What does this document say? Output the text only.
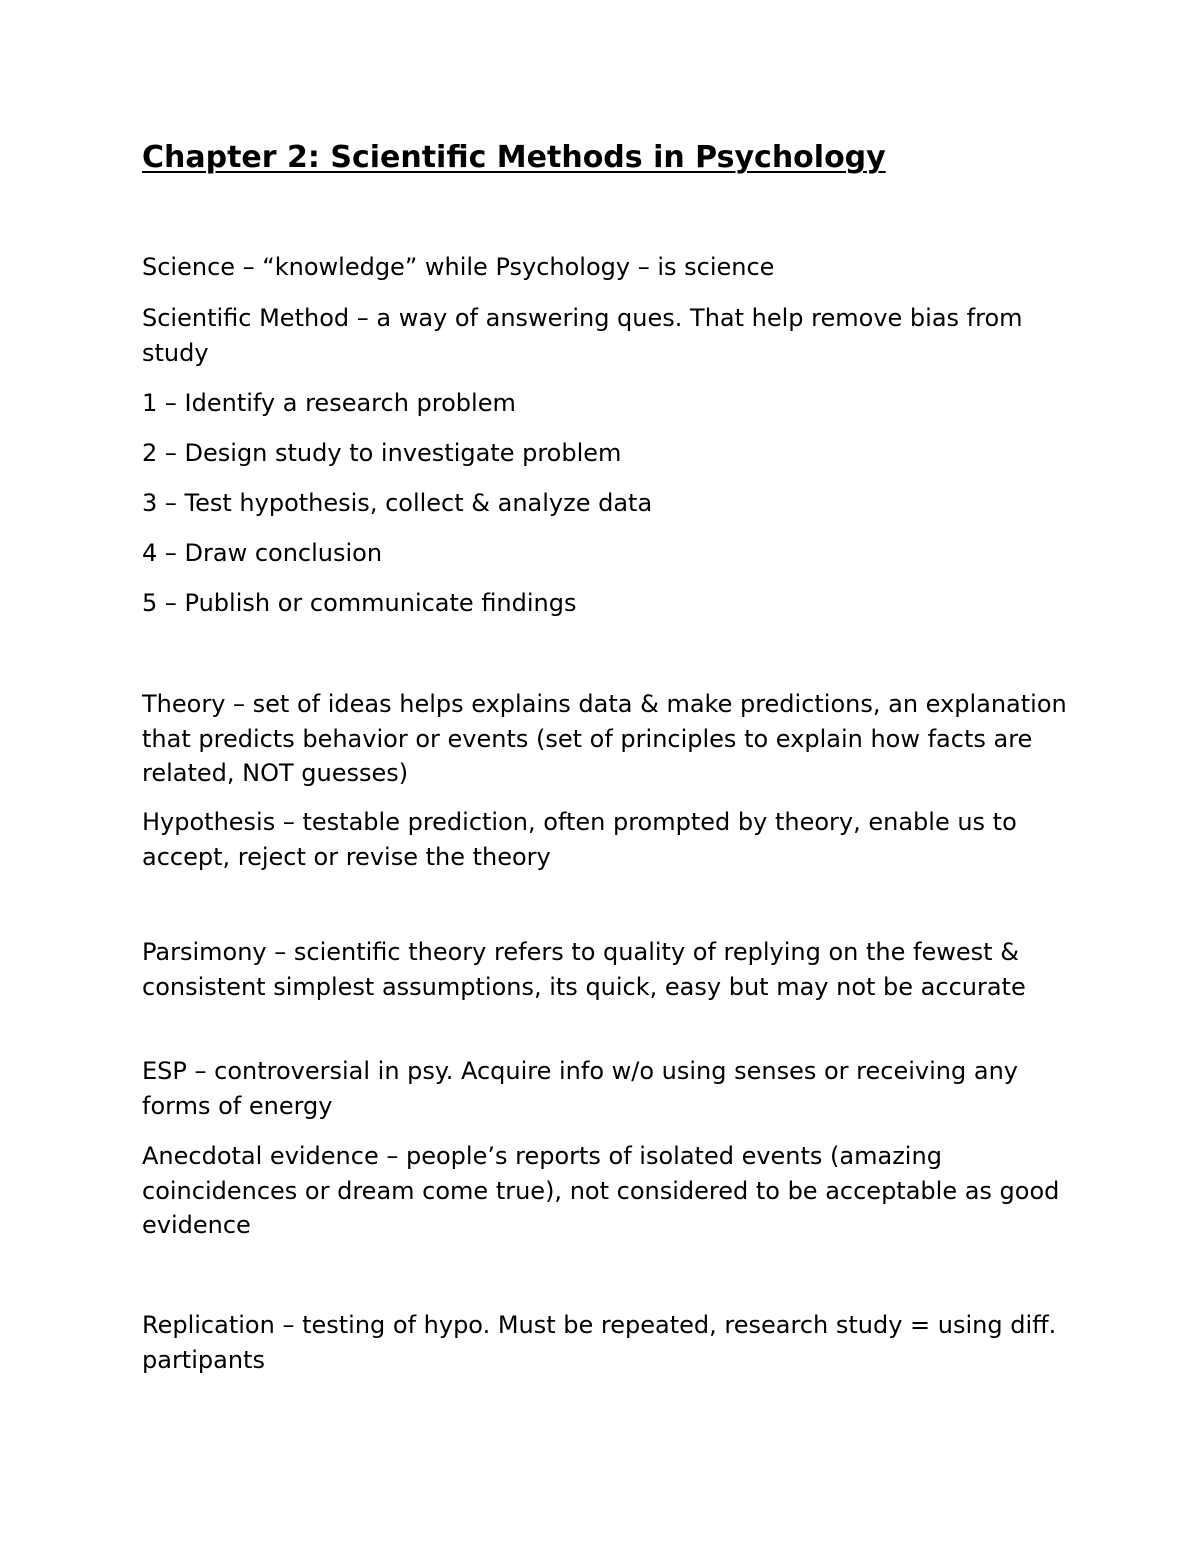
Chapter 2: Scientific Methods in Psychology

Science – “knowledge” while Psychology – is science

Scientific Method – a way of answering ques. That help remove bias from study

1 – Identify a research problem

2 – Design study to investigate problem

3 – Test hypothesis, collect & analyze data

4 – Draw conclusion

5 – Publish or communicate findings

Theory – set of ideas helps explains data & make predictions, an explanation that predicts behavior or events (set of principles to explain how facts are related, NOT guesses)

Hypothesis – testable prediction, often prompted by theory, enable us to accept, reject or revise the theory

Parsimony – scientific theory refers to quality of replying on the fewest & consistent simplest assumptions, its quick, easy but may not be accurate

ESP – controversial in psy. Acquire info w/o using senses or receiving any forms of energy

Anecdotal evidence – people’s reports of isolated events (amazing coincidences or dream come true), not considered to be acceptable as good evidence

Replication – testing of hypo. Must be repeated, research study = using diff. partipants
